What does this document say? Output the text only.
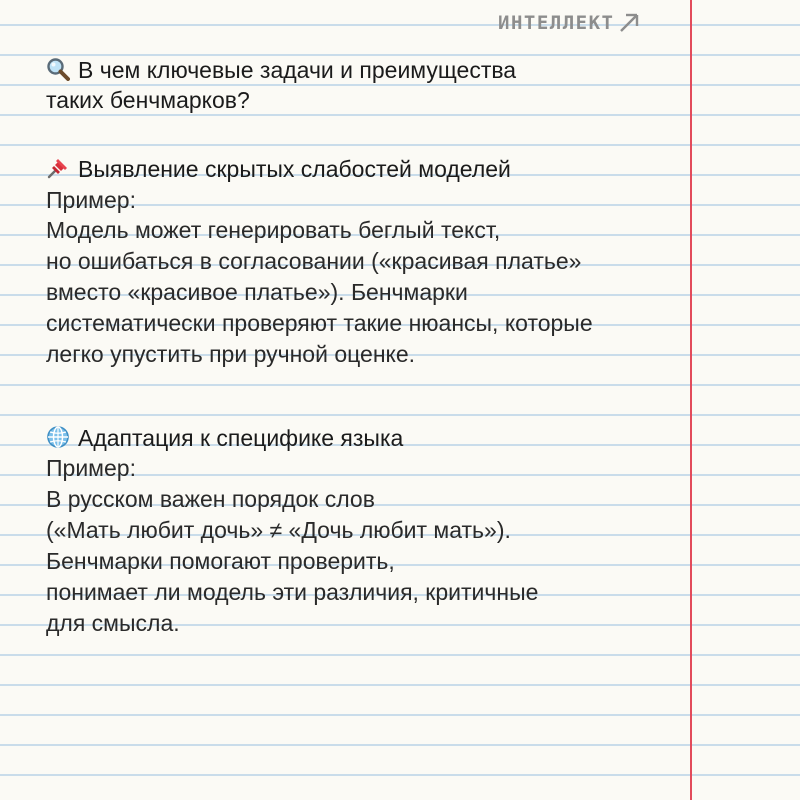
ИНТЕЛЛЕКТ
В чем ключевые задачи и преимущества
таких бенчмарков?
Выявление скрытых слабостей моделей
Пример:
Модель может генерировать беглый текст,
но ошибаться в согласовании («красивая платье»
вместо «красивое платье»). Бенчмарки
систематически проверяют такие нюансы, которые
легко упустить при ручной оценке.
Адаптация к специфике языка
Пример:
В русском важен порядок слов
(«Мать любит дочь» ≠ «Дочь любит мать»).
Бенчмарки помогают проверить,
понимает ли модель эти различия, критичные
для смысла.
